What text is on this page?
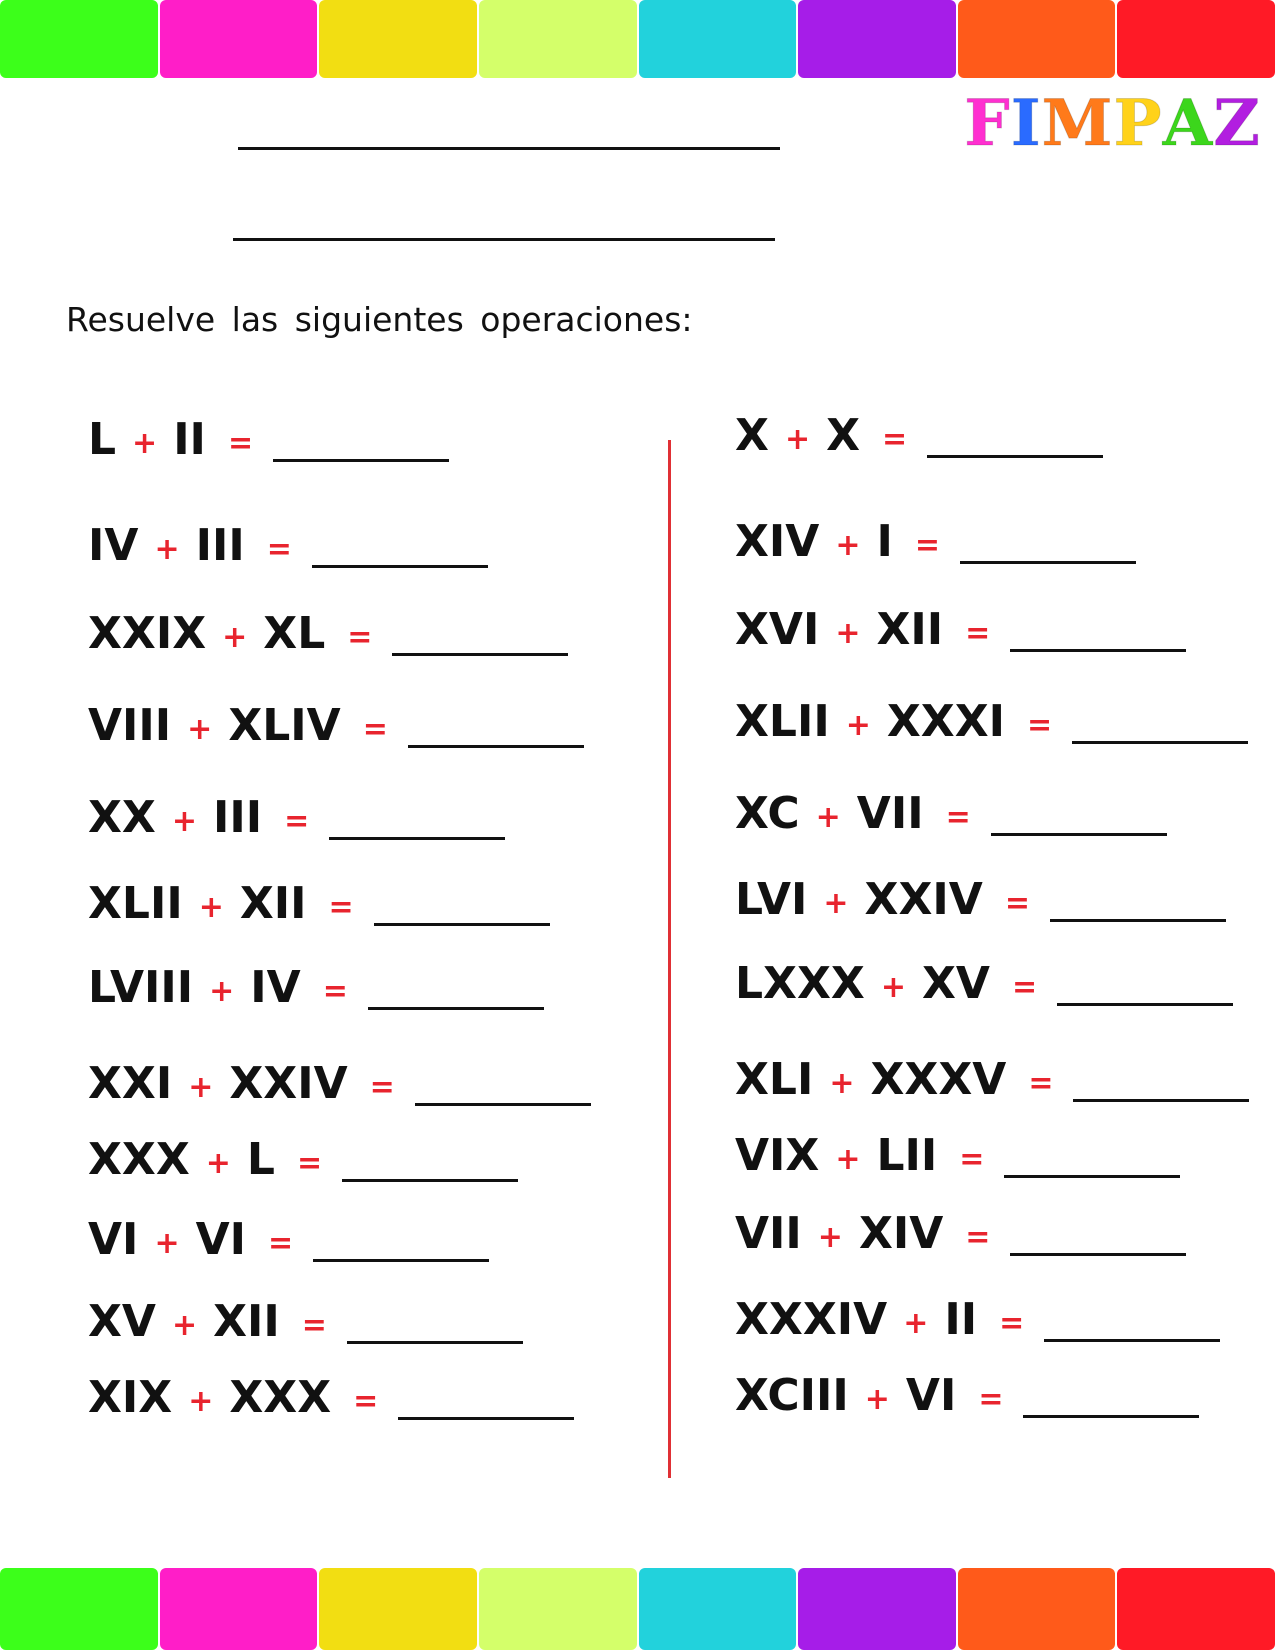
FIMPAZ
Resuelve las siguientes operaciones:
L + II =
IV + III =
XXIX + XL =
VIII + XLIV =
XX + III =
XLII + XII =
LVIII + IV =
XXI + XXIV =
XXX + L =
VI + VI =
XV + XII =
XIX + XXX =
X + X =
XIV + I =
XVI + XII =
XLII + XXXI =
XC + VII =
LVI + XXIV =
LXXX + XV =
XLI + XXXV =
VIX + LII =
VII + XIV =
XXXIV + II =
XCIII + VI =
